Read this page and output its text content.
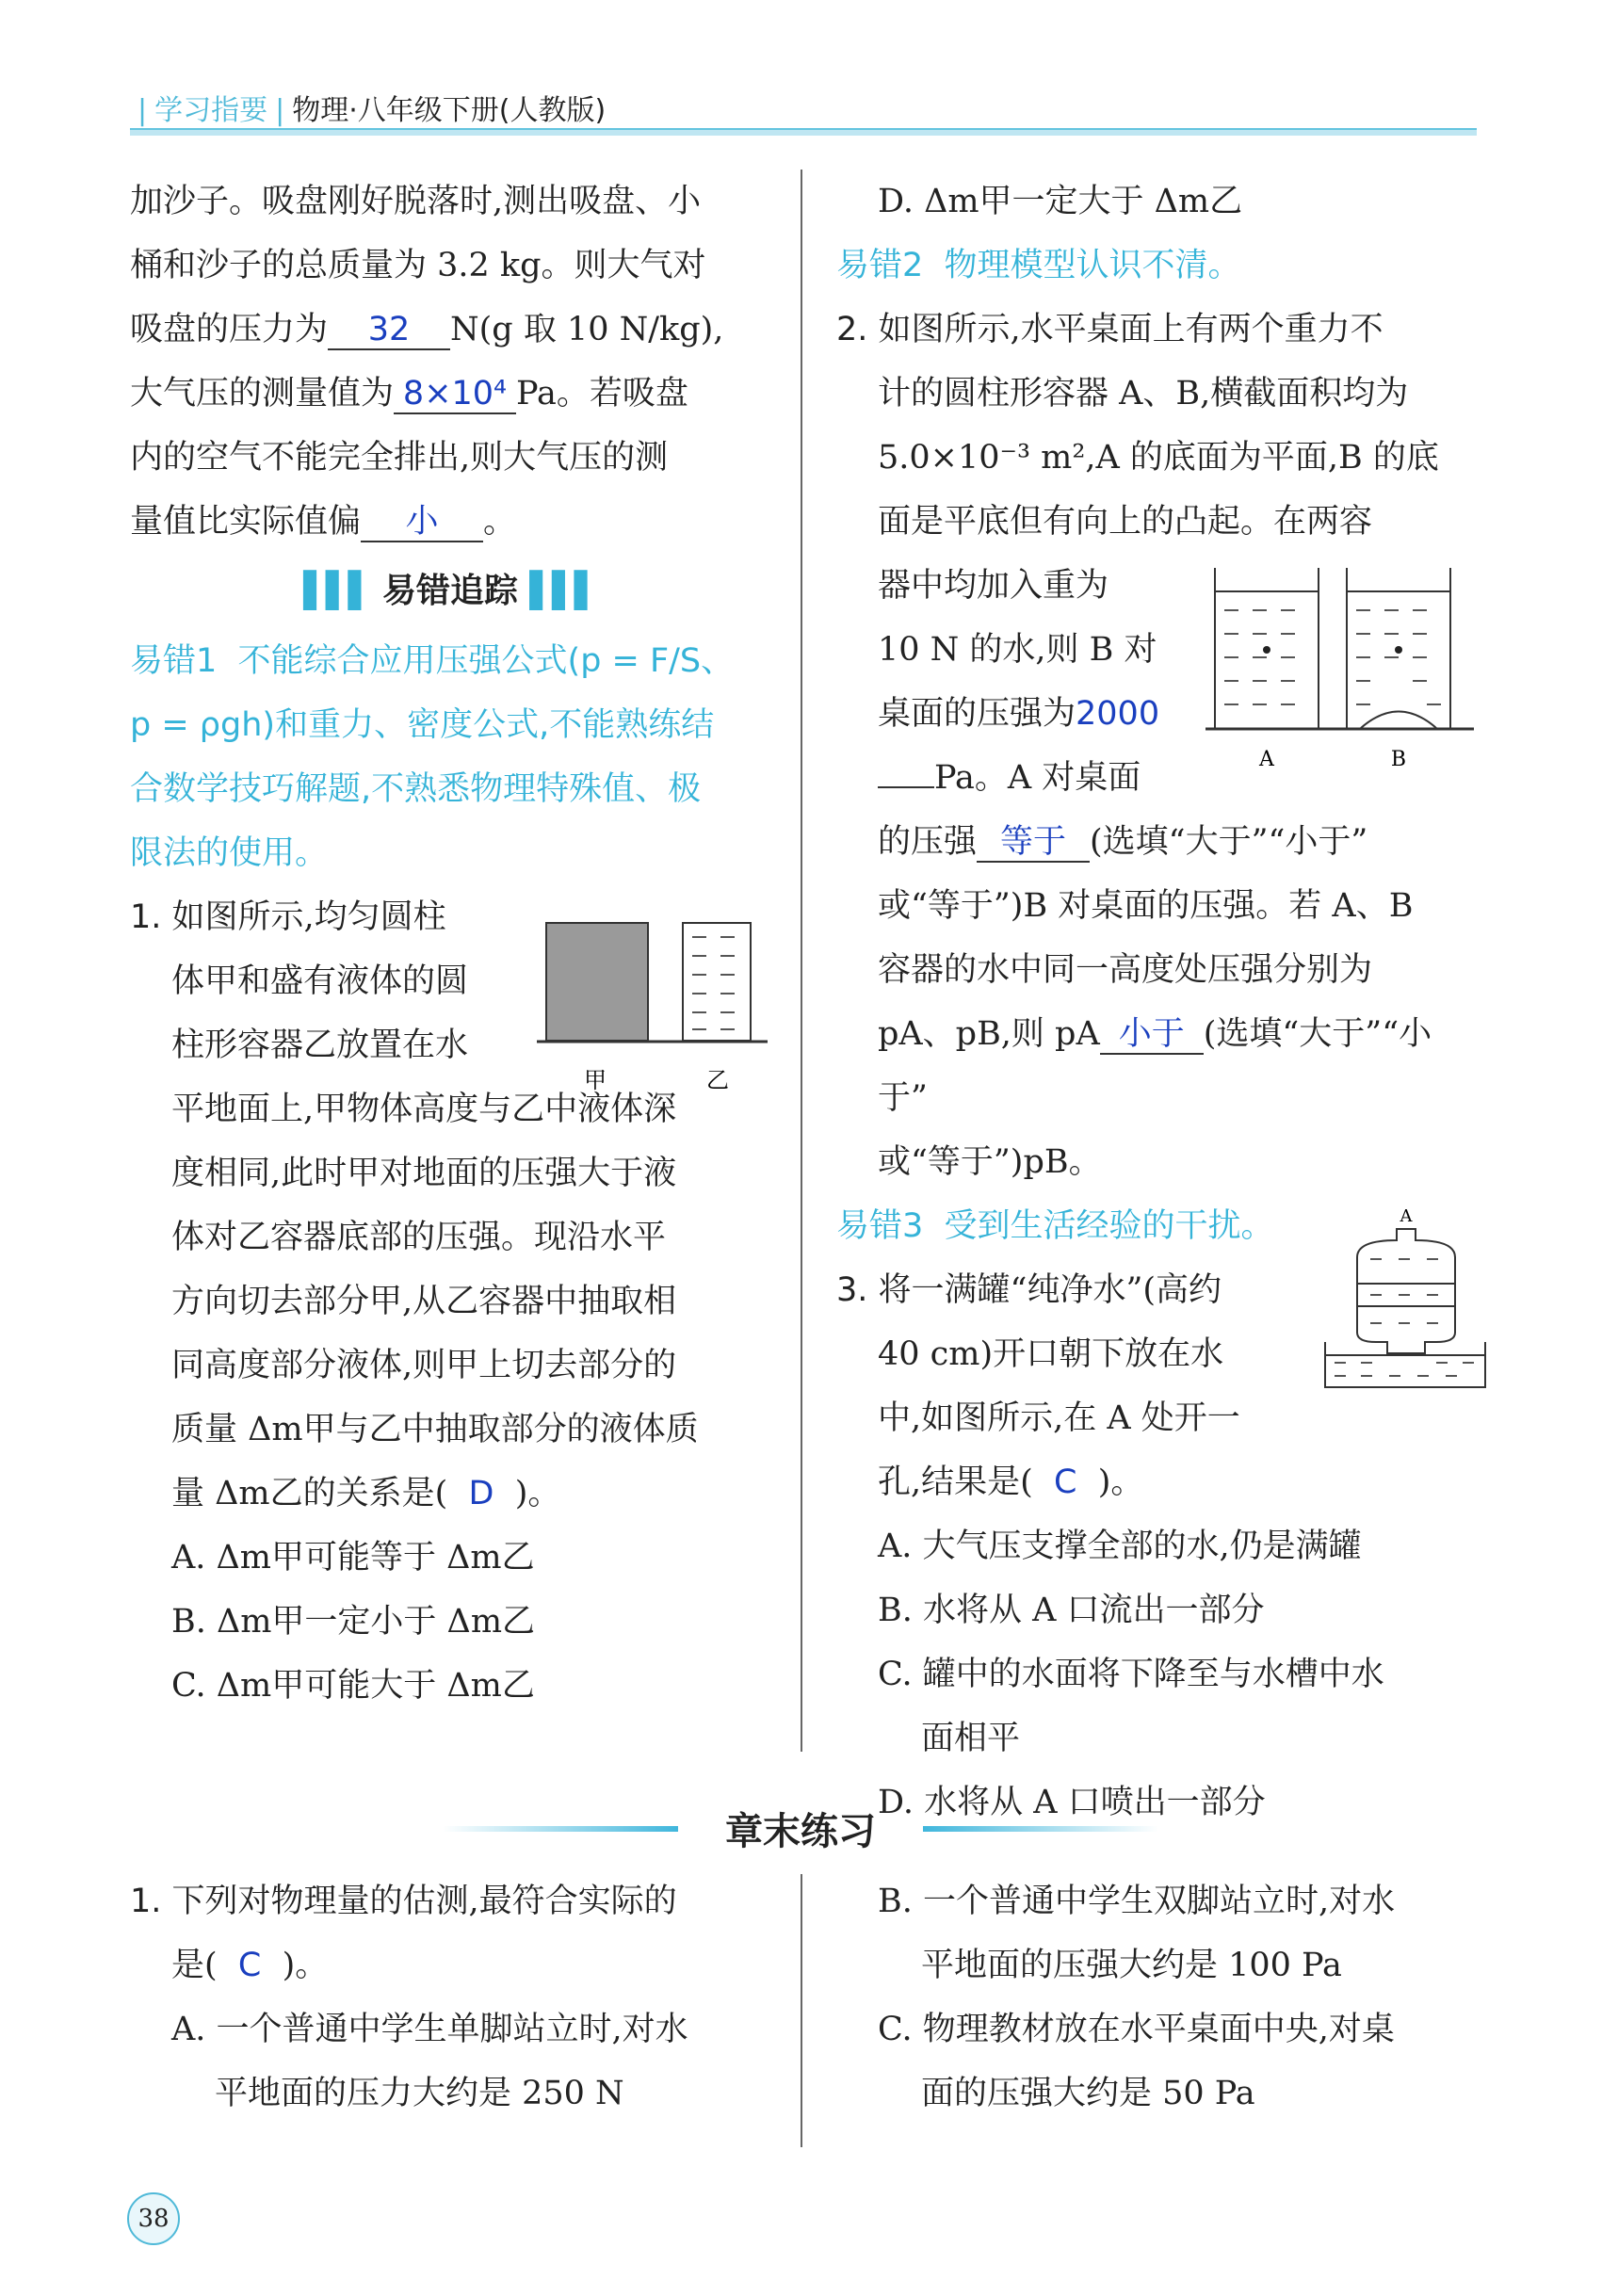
| 学习指要 | 物理·八年级下册(人教版)

加沙子。吸盘刚好脱落时,测出吸盘、小

桶和沙子的总质量为 3.2 kg。则大气对

吸盘的压力为 32 N(g 取 10 N/kg),

大气压的测量值为 8×10⁴ Pa。若吸盘

内的空气不能完全排出,则大气压的测

量值比实际值偏 小 。

▌▌▌ 易错追踪 ▌▌▌
易错1 不能综合应用压强公式(p = F/S、
p = ρgh)和重力、密度公式,不能熟练结
合数学技巧解题,不熟悉物理特殊值、极
限法的使用。

1. 如图所示,均匀圆柱

体甲和盛有液体的圆

柱形容器乙放置在水

平地面上,甲物体高度与乙中液体深

度相同,此时甲对地面的压强大于液

体对乙容器底部的压强。现沿水平

方向切去部分甲,从乙容器中抽取相

同高度部分液体,则甲上切去部分的

质量 Δm甲与乙中抽取部分的液体质

量 Δm乙的关系是( D )。

A. Δm甲可能等于 Δm乙

B. Δm甲一定小于 Δm乙

C. Δm甲可能大于 Δm乙

甲	乙

D. Δm甲一定大于 Δm乙

易错2 物理模型认识不清。

2. 如图所示,水平桌面上有两个重力不

计的圆柱形容器 A、B,横截面积均为

5.0×10⁻³ m²,A 的底面为平面,B 的底

面是平底但有向上的凸起。在两容

器中均加入重为

10 N 的水,则 B 对

桌面的压强为2000

Pa。A 对桌面

的压强 等于 (选填“大于”“小于”

或“等于”)B 对桌面的压强。若 A、B

容器的水中同一高度处压强分别为

pA、pB,则 pA 小于 (选填“大于”“小于”

或“等于”)pB。

易错3 受到生活经验的干扰。

3. 将一满罐“纯净水”(高约

40 cm)开口朝下放在水

中,如图所示,在 A 处开一

孔,结果是( C )。

A. 大气压支撑全部的水,仍是满罐

B. 水将从 A 口流出一部分

C. 罐中的水面将下降至与水槽中水

面相平

D. 水将从 A 口喷出一部分

A	B
A
章末练习

1. 下列对物理量的估测,最符合实际的

是( C )。

A. 一个普通中学生单脚站立时,对水

平地面的压力大约是 250 N

B. 一个普通中学生双脚站立时,对水

平地面的压强大约是 100 Pa

C. 物理教材放在水平桌面中央,对桌

面的压强大约是 50 Pa

38
